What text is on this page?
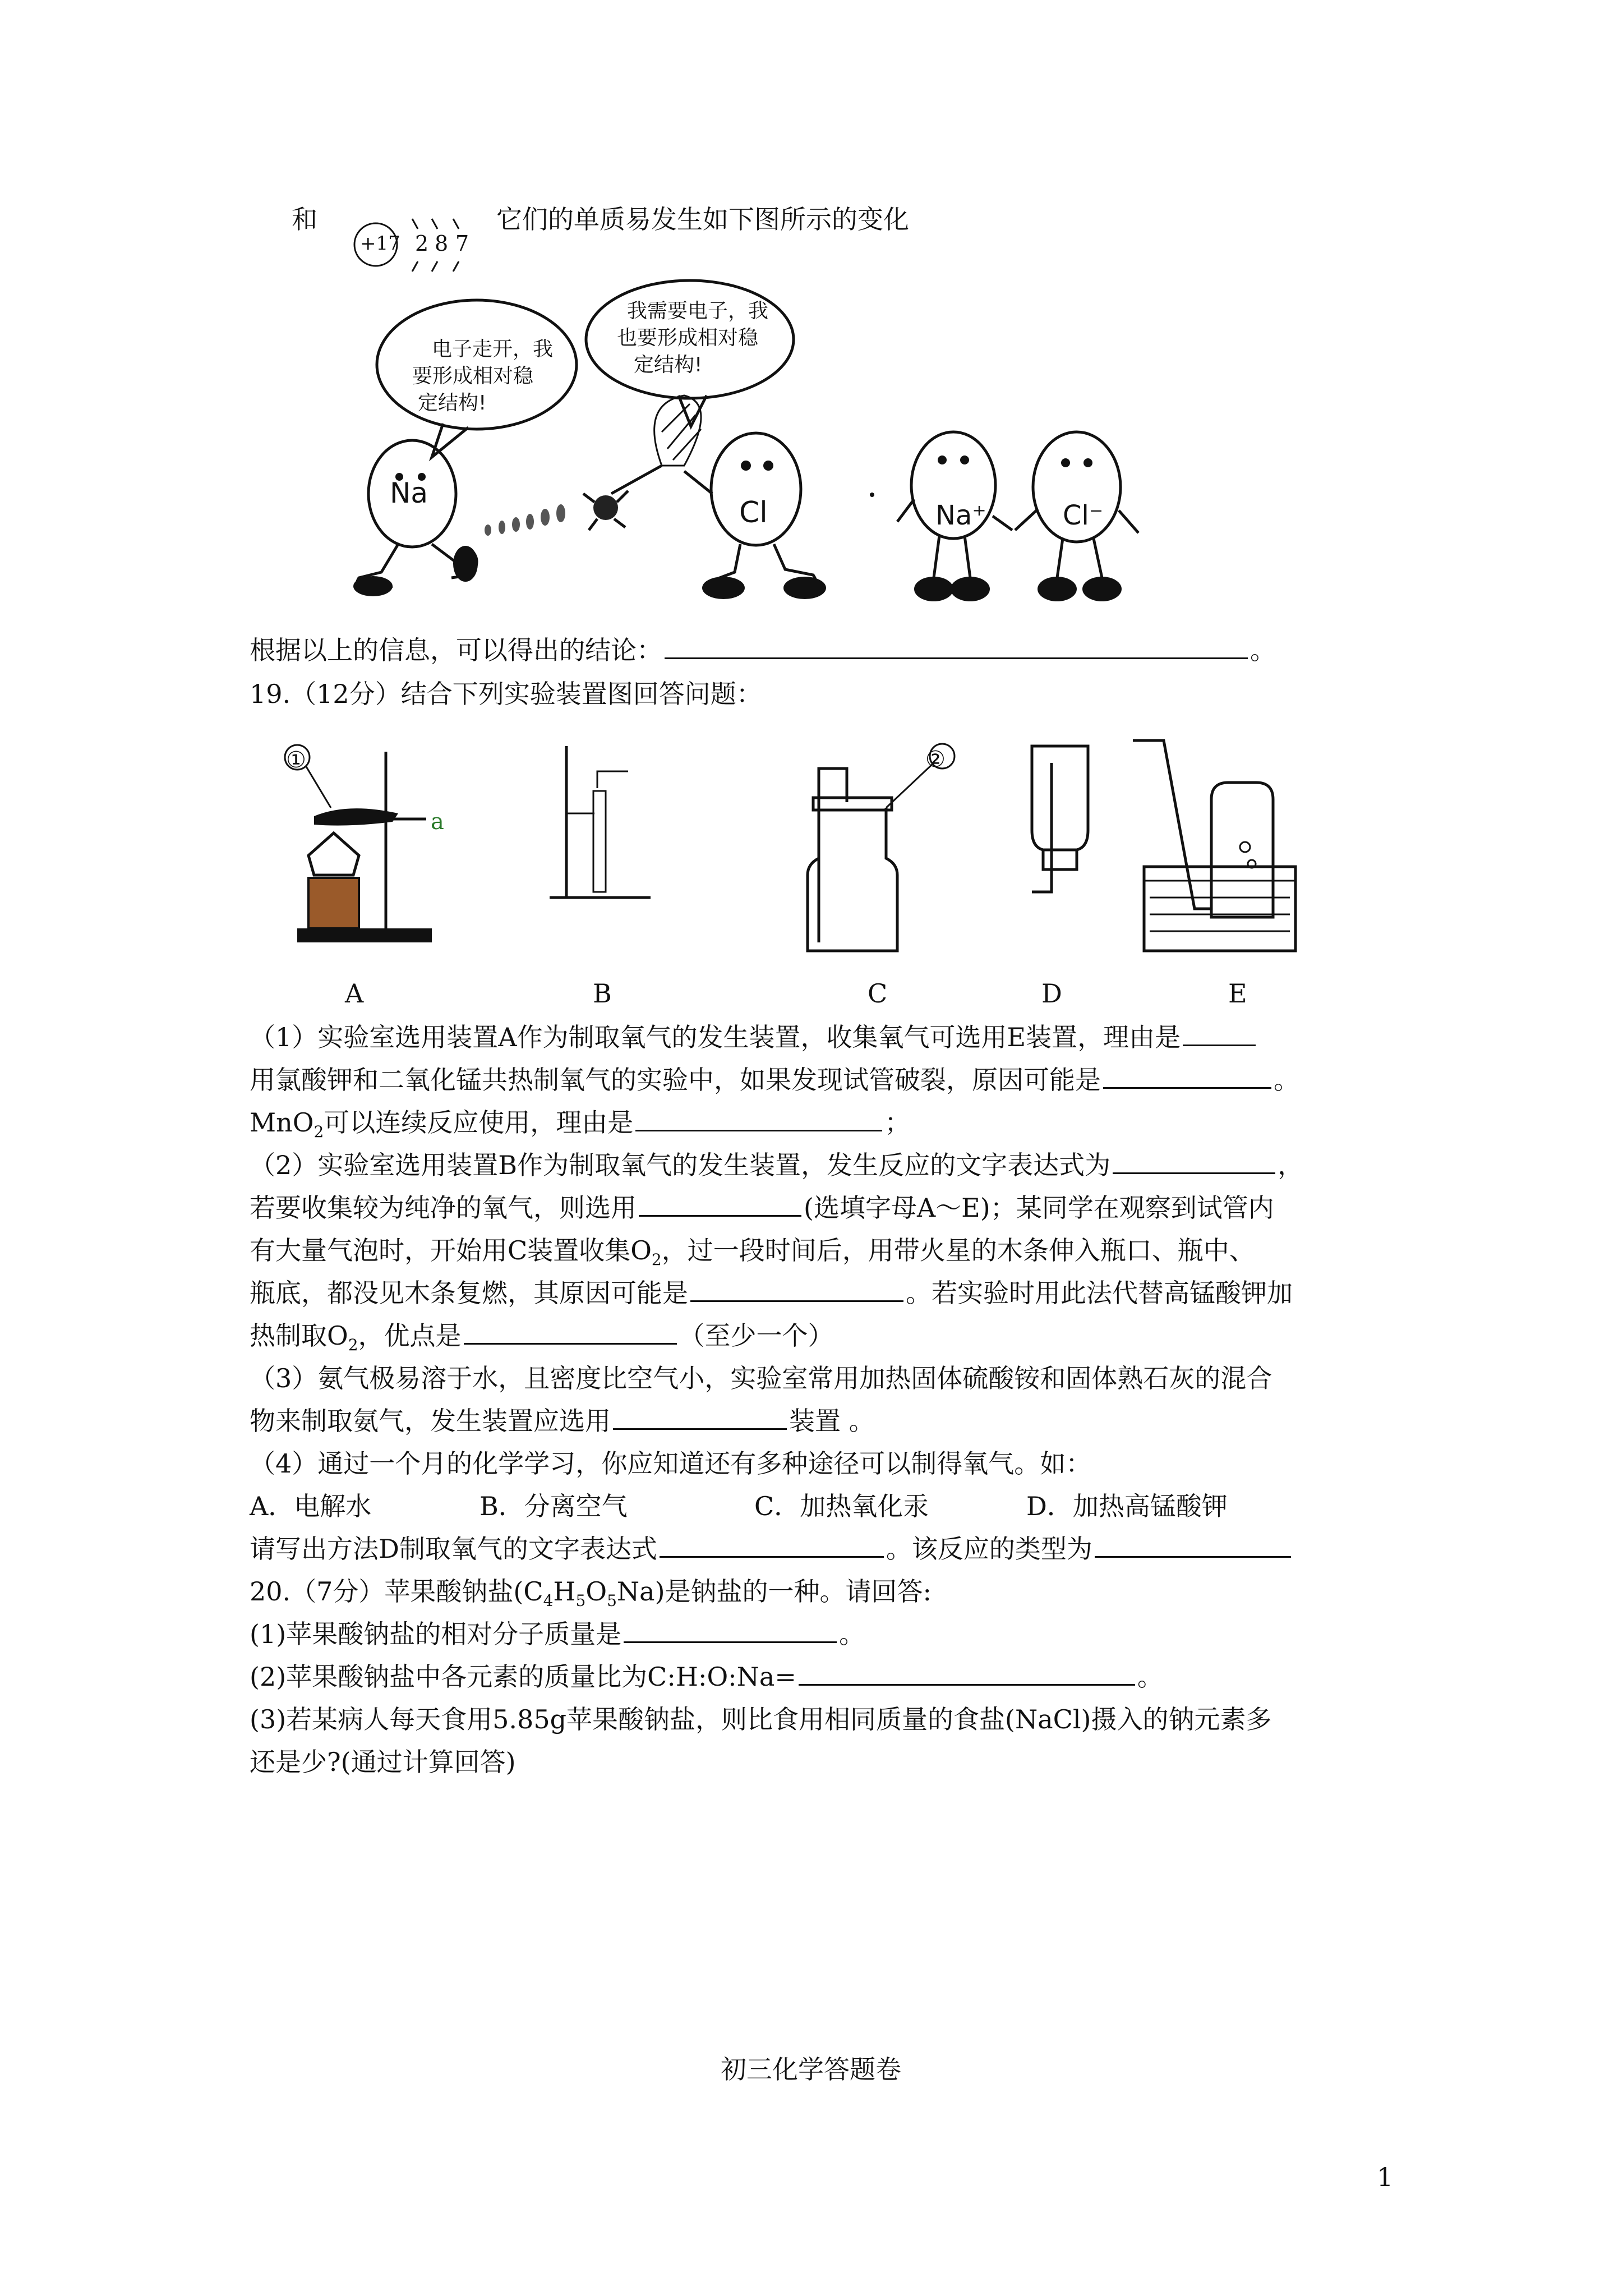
和
+17 2 8 7
它们的单质易发生如下图所示的变化
电子走开，我
要形成相对稳
定结构!
我需要电子，我
也要形成相对稳
定结构!
Na
Cl	Na⁺	Cl⁻
根据以上的信息，可以得出的结论：	。
19.（12分）结合下列实验装置图回答问题：
①	②
a
A	B	C	D	E
（1）实验室选用装置A作为制取氧气的发生装置，收集氧气可选用E装置，理由是
用氯酸钾和二氧化锰共热制氧气的实验中，如果发现试管破裂，原因可能是	。
MnO$_2$可以连续反应使用，理由是	；
（2）实验室选用装置B作为制取氧气的发生装置，发生反应的文字表达式为	，
若要收集较为纯净的氧气，则选用	(选填字母A～E)；某同学在观察到试管内
有大量气泡时，开始用C装置收集$O_2$，过一段时间后，用带火星的木条伸入瓶口、瓶中、
瓶底，都没见木条复燃，其原因可能是	。若实验时用此法代替高锰酸钾加
热制取$O_2$，优点是	（至少一个）
（3）氨气极易溶于水，且密度比空气小，实验室常用加热固体硫酸铵和固体熟石灰的混合
物来制取氨气，发生装置应选用	装置 。
（4）通过一个月的化学学习，你应知道还有多种途径可以制得氧气。如：
A．电解水	B．分离空气	C．加热氧化汞	D．加热高锰酸钾
请写出方法D制取氧气的文字表达式	。该反应的类型为
20.（7分）苹果酸钠盐$(C_4H_5O_5Na)$是钠盐的一种。请回答:
(1)苹果酸钠盐的相对分子质量是	。
(2)苹果酸钠盐中各元素的质量比为C:H:O:Na=	。
(3)若某病人每天食用5.85g苹果酸钠盐，则比食用相同质量的食盐(NaCl)摄入的钠元素多
还是少?(通过计算回答)
初三化学答题卷
1
